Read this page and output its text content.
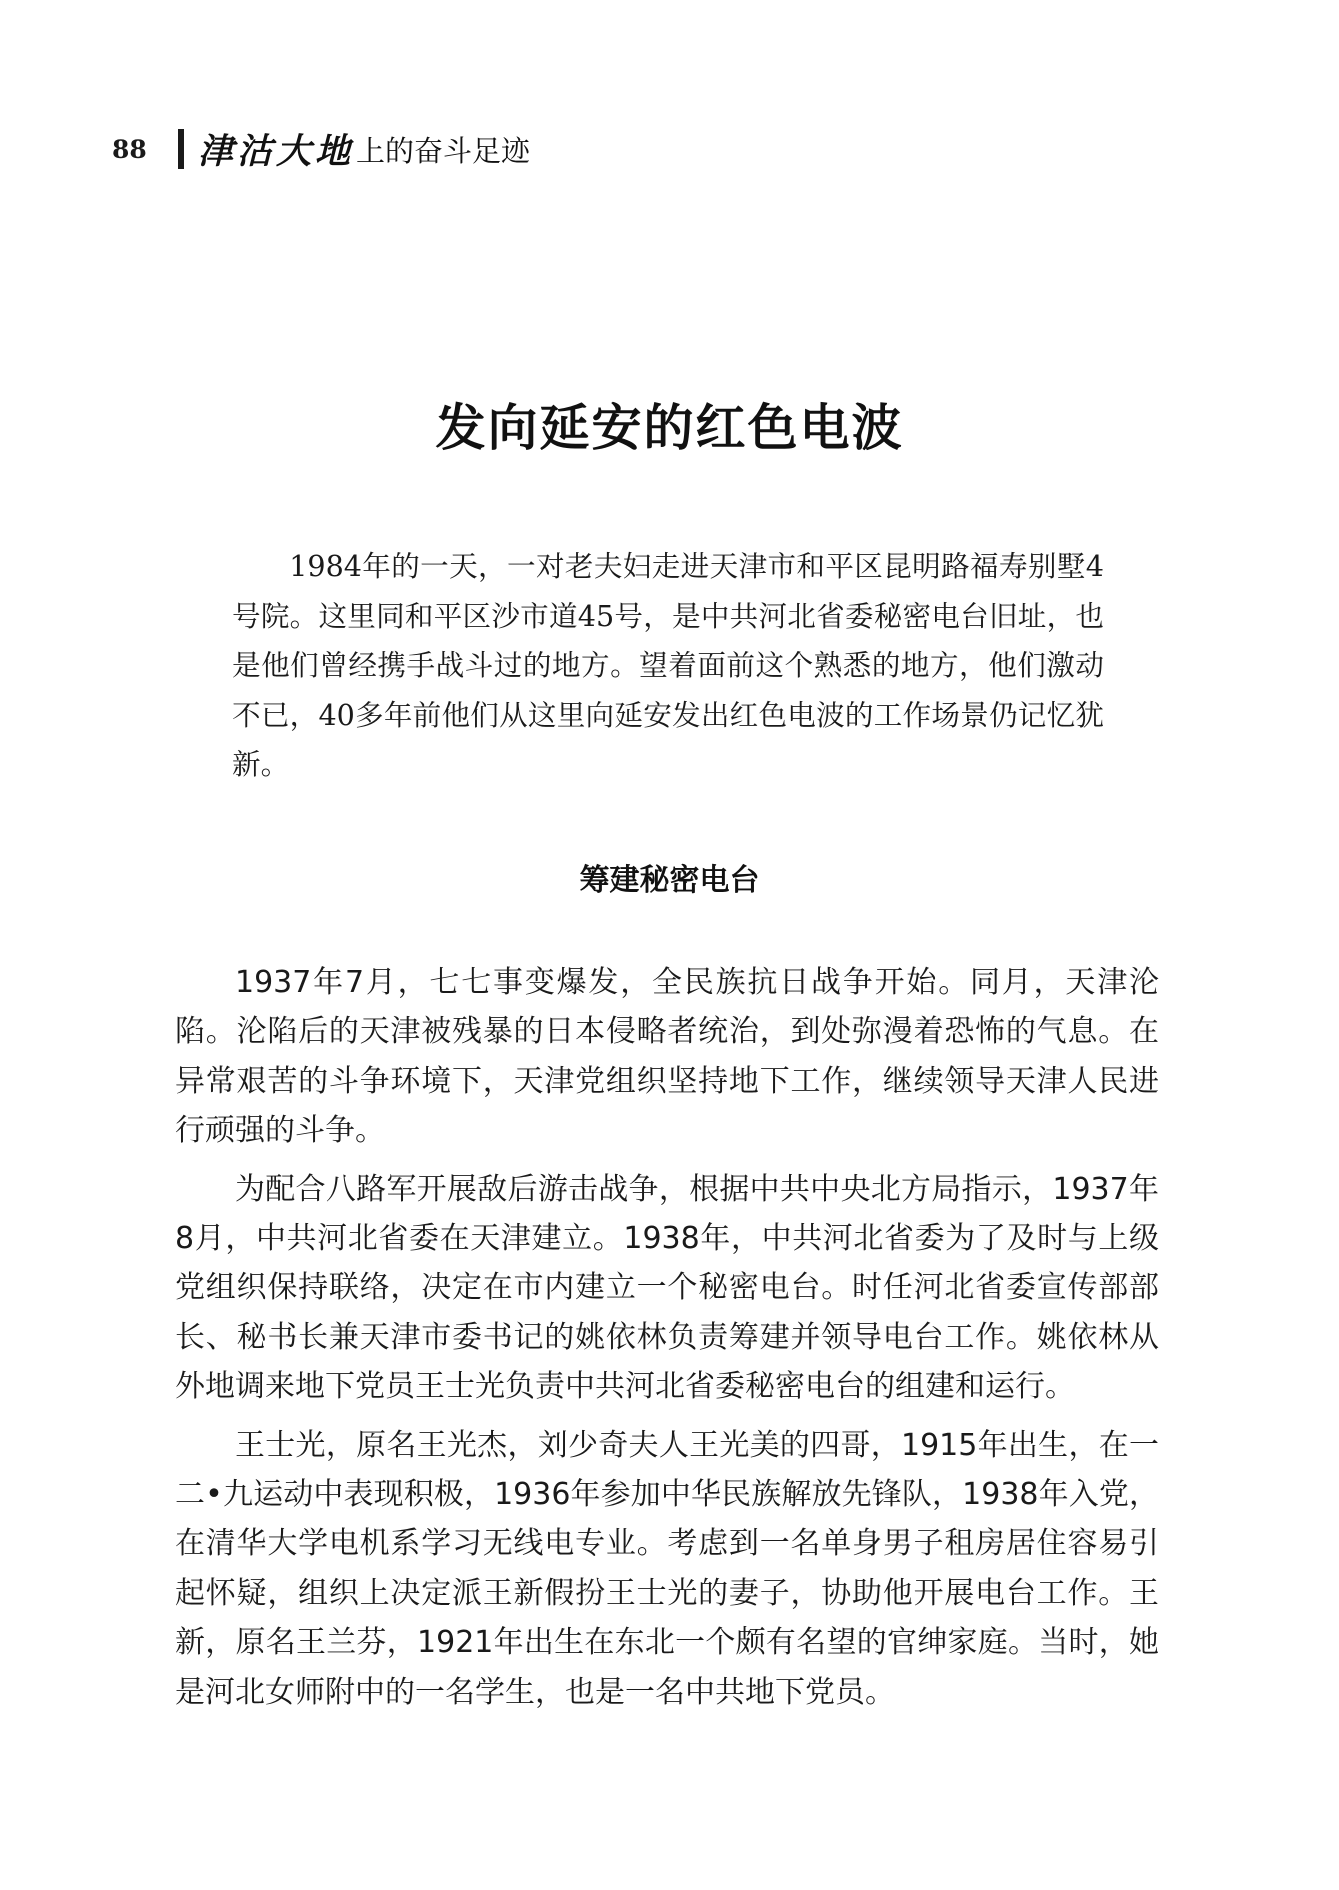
88	津沽大地 上的奋斗足迹
发向延安的红色电波

1984年的一天，一对老夫妇走进天津市和平区昆明路福寿别墅4号院。这里同和平区沙市道45号，是中共河北省委秘密电台旧址，也是他们曾经携手战斗过的地方。望着面前这个熟悉的地方，他们激动不已，40多年前他们从这里向延安发出红色电波的工作场景仍记忆犹新。

筹建秘密电台

1937年7月，七七事变爆发，全民族抗日战争开始。同月，天津沦陷。沦陷后的天津被残暴的日本侵略者统治，到处弥漫着恐怖的气息。在异常艰苦的斗争环境下，天津党组织坚持地下工作，继续领导天津人民进行顽强的斗争。

为配合八路军开展敌后游击战争，根据中共中央北方局指示，1937年8月，中共河北省委在天津建立。1938年，中共河北省委为了及时与上级党组织保持联络，决定在市内建立一个秘密电台。时任河北省委宣传部部长、秘书长兼天津市委书记的姚依林负责筹建并领导电台工作。姚依林从外地调来地下党员王士光负责中共河北省委秘密电台的组建和运行。

王士光，原名王光杰，刘少奇夫人王光美的四哥，1915年出生，在一二•九运动中表现积极，1936年参加中华民族解放先锋队，1938年入党，在清华大学电机系学习无线电专业。考虑到一名单身男子租房居住容易引起怀疑，组织上决定派王新假扮王士光的妻子，协助他开展电台工作。王新，原名王兰芬，1921年出生在东北一个颇有名望的官绅家庭。当时，她是河北女师附中的一名学生，也是一名中共地下党员。
